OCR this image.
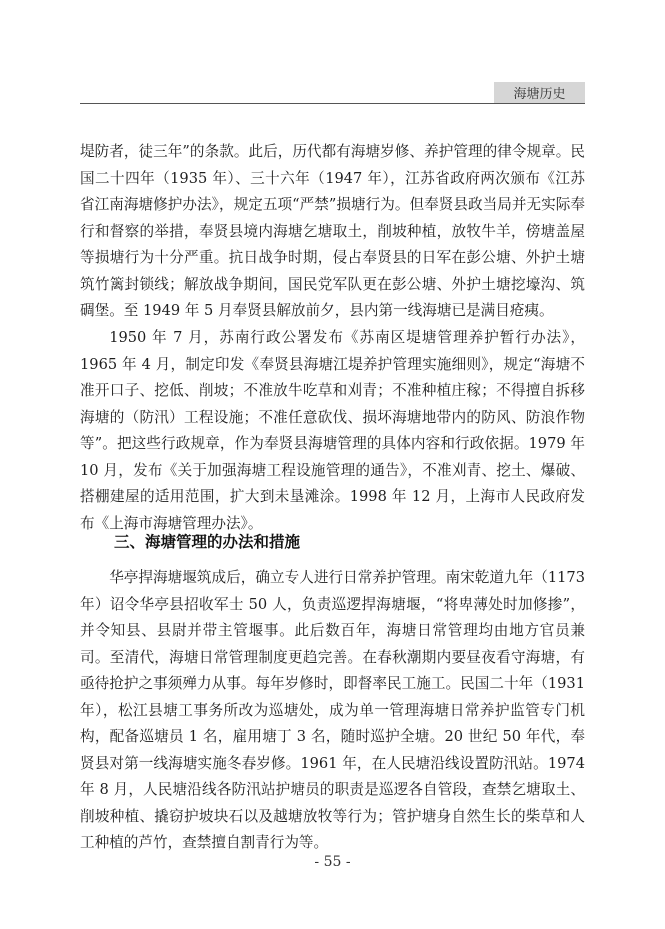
海塘历史

堤防者，徒三年”的条款。此后，历代都有海塘岁修、养护管理的律令规章。民国二十四年（1935 年）、三十六年（1947 年），江苏省政府两次颁布《江苏省江南海塘修护办法》，规定五项“严禁”损塘行为。但奉贤县政当局并无实际奉行和督察的举措，奉贤县境内海塘乞塘取土，削坡种植，放牧牛羊，傍塘盖屋等损塘行为十分严重。抗日战争时期，侵占奉贤县的日军在彭公塘、外护土塘筑竹篱封锁线；解放战争期间，国民党军队更在彭公塘、外护土塘挖壕沟、筑碉堡。至 1949 年 5 月奉贤县解放前夕，县内第一线海塘已是满目疮痍。

1950 年 7 月，苏南行政公署发布《苏南区堤塘管理养护暂行办法》，1965 年 4 月，制定印发《奉贤县海塘江堤养护管理实施细则》，规定“海塘不准开口子、挖低、削坡；不准放牛吃草和刈青；不准种植庄稼；不得擅自拆移海塘的（防汛）工程设施；不准任意砍伐、损坏海塘地带内的防风、防浪作物等”。把这些行政规章，作为奉贤县海塘管理的具体内容和行政依据。1979 年 10 月，发布《关于加强海塘工程设施管理的通告》，不准刈青、挖土、爆破、搭棚建屋的适用范围，扩大到未垦滩涂。1998 年 12 月，上海市人民政府发布《上海市海塘管理办法》。

三、海塘管理的办法和措施

华亭捍海塘堰筑成后，确立专人进行日常养护管理。南宋乾道九年（1173 年）诏令华亭县招收军士 50 人，负责巡逻捍海塘堰，“将卑薄处时加修掺”，并令知县、县尉并带主管堰事。此后数百年，海塘日常管理均由地方官员兼司。至清代，海塘日常管理制度更趋完善。在春秋潮期内要昼夜看守海塘，有亟待抢护之事须殚力从事。每年岁修时，即督率民工施工。民国二十年（1931 年），松江县塘工事务所改为巡塘处，成为单一管理海塘日常养护监管专门机构，配备巡塘员 1 名，雇用塘丁 3 名，随时巡护全塘。20 世纪 50 年代，奉贤县对第一线海塘实施冬春岁修。1961 年，在人民塘沿线设置防汛站。1974 年 8 月，人民塘沿线各防汛站护塘员的职责是巡逻各自管段，查禁乞塘取土、削坡种植、撬窃护坡块石以及越塘放牧等行为；管护塘身自然生长的柴草和人工种植的芦竹，查禁擅自割青行为等。

- 55 -
